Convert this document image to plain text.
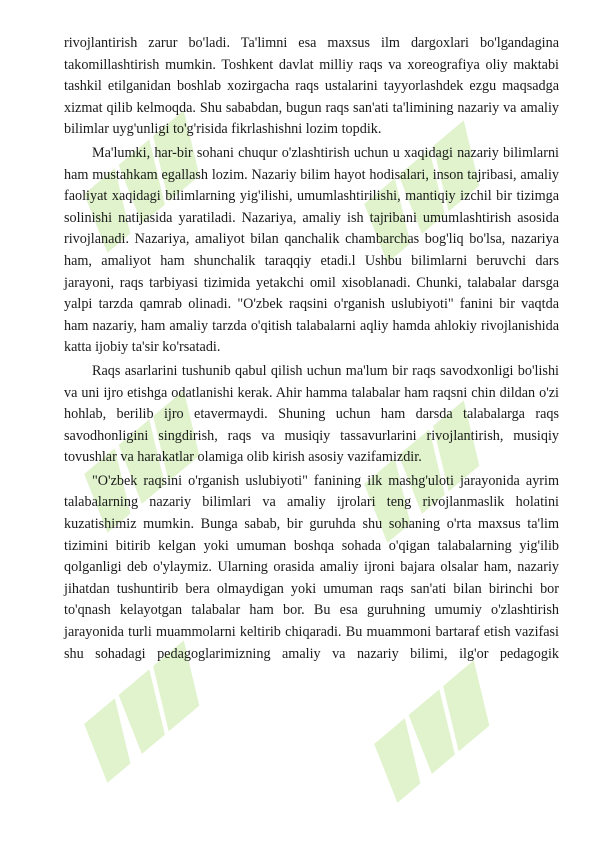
rivojlantirish zarur bo'ladi. Ta'limni esa maxsus ilm dargoxlari bo'lgandagina takomillashtirish mumkin. Toshkent davlat milliy raqs va xoreografiya oliy maktabi tashkil etilganidan boshlab xozirgacha raqs ustalarini tayyorlashdek ezgu maqsadga xizmat qilib kelmoqda. Shu sababdan, bugun raqs san'ati ta'limining nazariy va amaliy bilimlar uyg'unligi to'g'risida fikrlashishni lozim topdik.

Ma'lumki, har-bir sohani chuqur o'zlashtirish uchun u xaqidagi nazariy bilimlarni ham mustahkam egallash lozim. Nazariy bilim hayot hodisalari, inson tajribasi, amaliy faoliyat xaqidagi bilimlarning yig'ilishi, umumlashtirilishi, mantiqiy izchil bir tizimga solinishi natijasida yaratiladi. Nazariya, amaliy ish tajribani umumlashtirish asosida rivojlanadi. Nazariya, amaliyot bilan qanchalik chambarchas bog'liq bo'lsa, nazariya ham, amaliyot ham shunchalik taraqqiy etadi.l Ushbu bilimlarni beruvchi dars jarayoni, raqs tarbiyasi tizimida yetakchi omil xisoblanadi. Chunki, talabalar darsga yalpi tarzda qamrab olinadi. "O'zbek raqsini o'rganish uslubiyoti" fanini bir vaqtda ham nazariy, ham amaliy tarzda o'qitish talabalarni aqliy hamda ahlokiy rivojlanishida katta ijobiy ta'sir ko'rsatadi.

Raqs asarlarini tushunib qabul qilish uchun ma'lum bir raqs savodxonligi bo'lishi va uni ijro etishga odatlanishi kerak. Ahir hamma talabalar ham raqsni chin dildan o'zi hohlab, berilib ijro etavermaydi. Shuning uchun ham darsda talabalarga raqs savodhonligini singdirish, raqs va musiqiy tassavurlarini rivojlantirish, musiqiy tovushlar va harakatlar olamiga olib kirish asosiy vazifamizdir.

"O'zbek raqsini o'rganish uslubiyoti" fanining ilk mashg'uloti jarayonida ayrim talabalarning nazariy bilimlari va amaliy ijrolari teng rivojlanmaslik holatini kuzatishimiz mumkin. Bunga sabab, bir guruhda shu sohaning o'rta maxsus ta'lim tizimini bitirib kelgan yoki umuman boshqa sohada o'qigan talabalarning yig'ilib qolganligi deb o'ylaymiz. Ularning orasida amaliy ijroni bajara olsalar ham, nazariy jihatdan tushuntirib bera olmaydigan yoki umuman raqs san'ati bilan birinchi bor to'qnash kelayotgan talabalar ham bor. Bu esa guruhning umumiy o'zlashtirish jarayonida turli muammolarni keltirib chiqaradi. Bu muammoni bartaraf etish vazifasi shu sohadagi pedagoglarimizning amaliy va nazariy bilimi, ilg'or pedagogik
